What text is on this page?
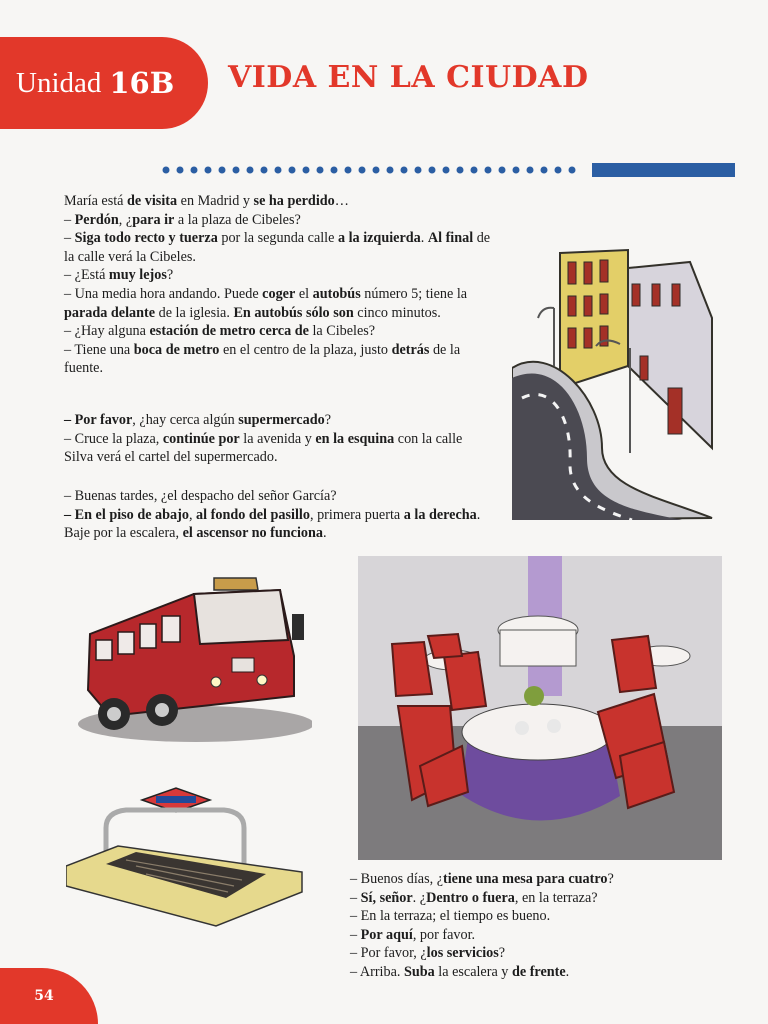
Unidad 16B VIDA EN LA CIUDAD

María está de visita en Madrid y se ha perdido…

– Perdón, ¿para ir a la plaza de Cibeles?

– Siga todo recto y tuerza por la segunda calle a la izquierda. Al final de la calle verá la Cibeles.

– ¿Está muy lejos?

– Una media hora andando. Puede coger el autobús número 5; tiene la parada delante de la iglesia. En autobús sólo son cinco minutos.

– ¿Hay alguna estación de metro cerca de la Cibeles?

– Tiene una boca de metro en el centro de la plaza, justo detrás de la fuente.

– Por favor, ¿hay cerca algún supermercado?

– Cruce la plaza, continúe por la avenida y en la esquina con la calle Silva verá el cartel del supermercado.

– Buenas tardes, ¿el despacho del señor García?

– En el piso de abajo, al fondo del pasillo, primera puerta a la derecha. Baje por la escalera, el ascensor no funciona.

– Buenos días, ¿tiene una mesa para cuatro?

– Sí, señor. ¿Dentro o fuera, en la terraza?

– En la terraza; el tiempo es bueno.

– Por aquí, por favor.

– Por favor, ¿los servicios?

– Arriba. Suba la escalera y de frente.

54
